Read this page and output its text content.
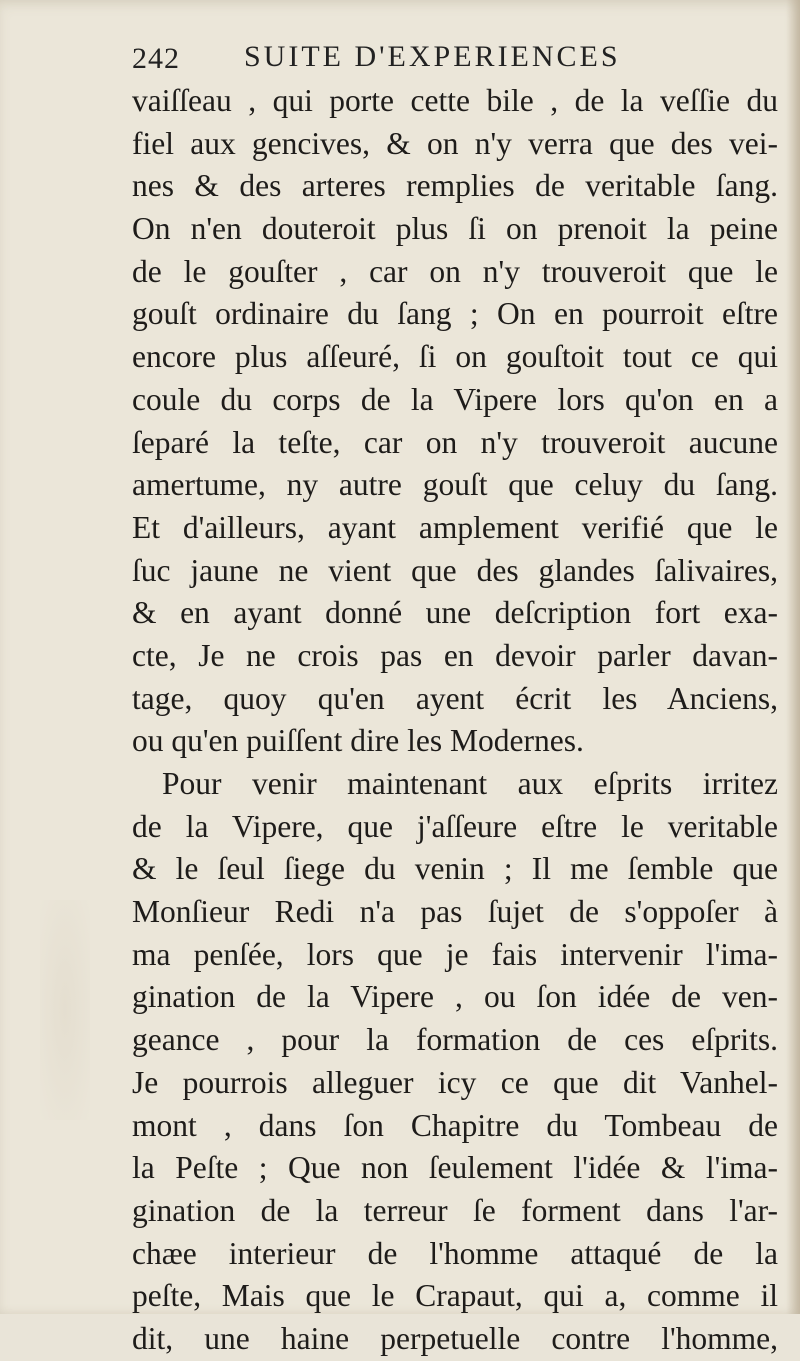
242 SUITE D'EXPERIENCES
vaiſſeau , qui porte cette bile , de la veſſie du
fiel aux gencives, & on n'y verra que des vei-
nes & des arteres remplies de veritable ſang.
On n'en douteroit plus ſi on prenoit la peine
de le gouſter , car on n'y trouveroit que le
gouſt ordinaire du ſang ; On en pourroit eſtre
encore plus aſſeuré, ſi on gouſtoit tout ce qui
coule du corps de la Vipere lors qu'on en a
ſeparé la teſte, car on n'y trouveroit aucune
amertume, ny autre gouſt que celuy du ſang.
Et d'ailleurs, ayant amplement verifié que le
ſuc jaune ne vient que des glandes ſalivaires,
& en ayant donné une deſcription fort exa-
cte, Je ne crois pas en devoir parler davan-
tage, quoy qu'en ayent écrit les Anciens,
ou qu'en puiſſent dire les Modernes.
Pour venir maintenant aux eſprits irritez
de la Vipere, que j'aſſeure eſtre le veritable
& le ſeul ſiege du venin ; Il me ſemble que
Monſieur Redi n'a pas ſujet de s'oppoſer à
ma penſée, lors que je fais intervenir l'ima-
gination de la Vipere , ou ſon idée de ven-
geance , pour la formation de ces eſprits.
Je pourrois alleguer icy ce que dit Vanhel-
mont , dans ſon Chapitre du Tombeau de
la Peſte ; Que non ſeulement l'idée & l'ima-
gination de la terreur ſe forment dans l'ar-
chæe interieur de l'homme attaqué de la
peſte, Mais que le Crapaut, qui a, comme il
dit, une haine perpetuelle contre l'homme,
